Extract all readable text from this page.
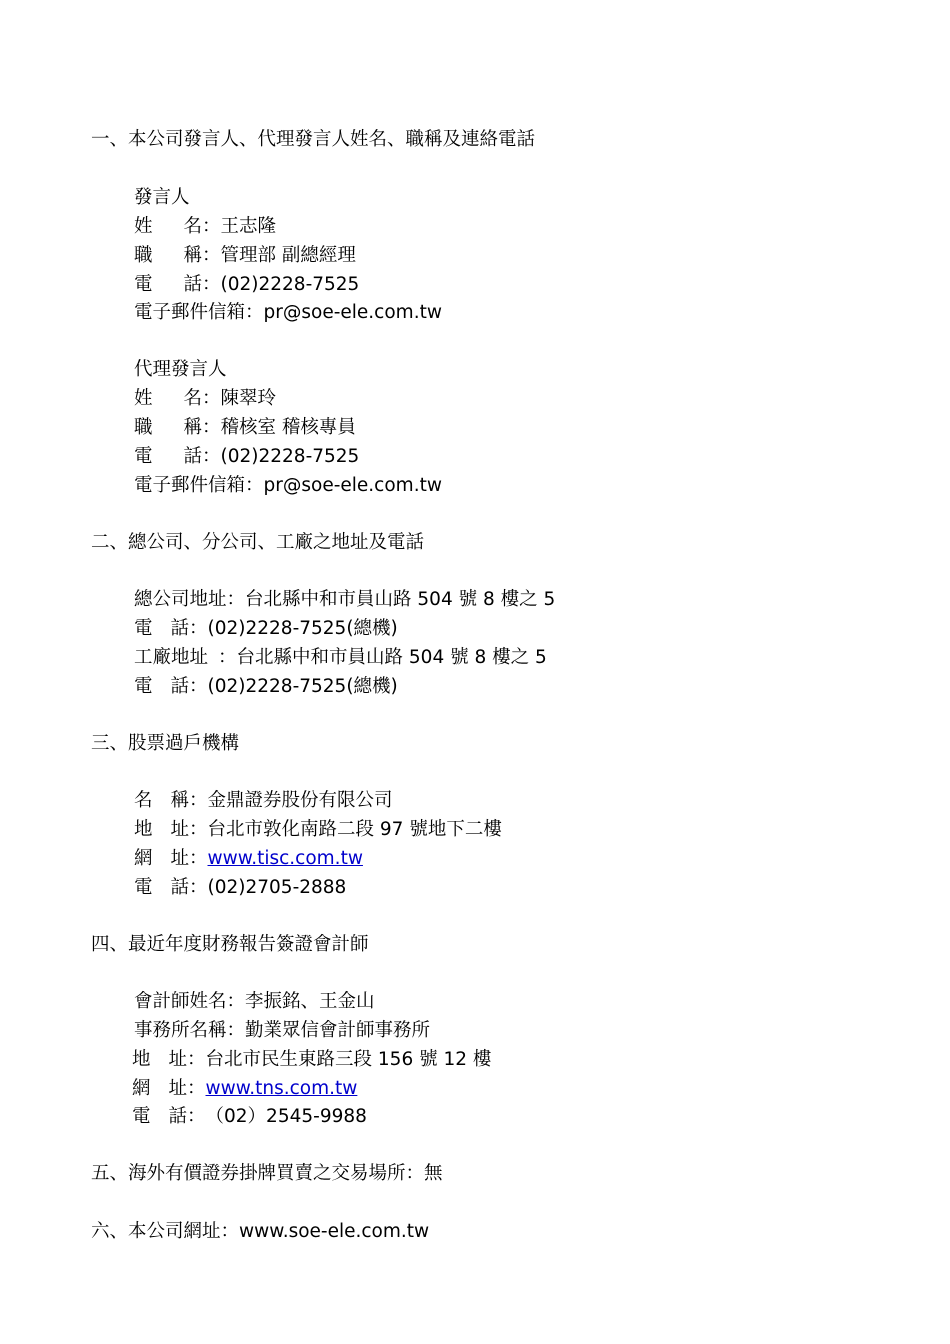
一、本公司發言人、代理發言人姓名、職稱及連絡電話
發言人
姓名：王志隆
職稱：管理部 副總經理
電話：(02)2228-7525
電子郵件信箱：pr@soe-ele.com.tw
代理發言人
姓名：陳翠玲
職稱：稽核室 稽核專員
電話：(02)2228-7525
電子郵件信箱：pr@soe-ele.com.tw
二、總公司、分公司、工廠之地址及電話
總公司地址：台北縣中和市員山路 504 號 8 樓之 5
電話：(02)2228-7525(總機)
工廠地址 ：台北縣中和市員山路 504 號 8 樓之 5
電話：(02)2228-7525(總機)
三、股票過戶機構
名稱：金鼎證券股份有限公司
地址：台北市敦化南路二段 97 號地下二樓
網址：www.tisc.com.tw
電話：(02)2705-2888
四、最近年度財務報告簽證會計師
會計師姓名：李振銘、王金山
事務所名稱：勤業眾信會計師事務所
地址：台北市民生東路三段 156 號 12 樓
網址：www.tns.com.tw
電話：（02）2545-9988
五、海外有價證券掛牌買賣之交易場所：無
六、本公司網址：www.soe-ele.com.tw
